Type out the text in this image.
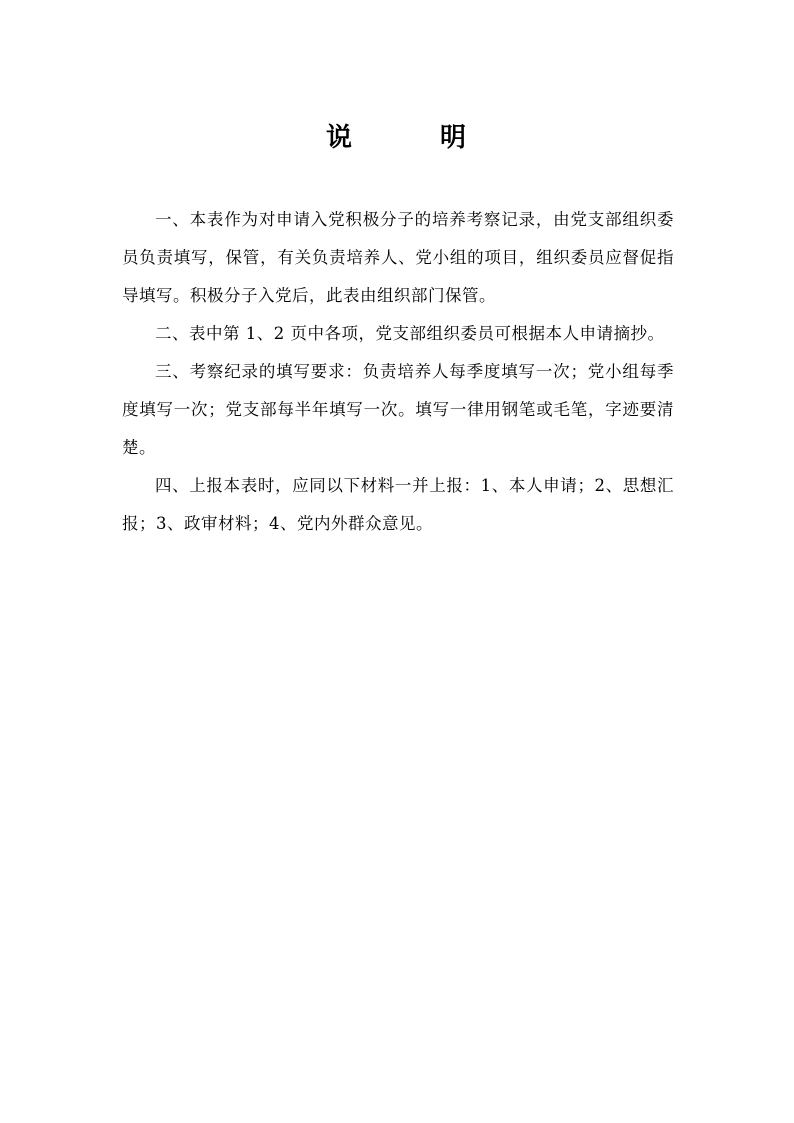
说	明

一、本表作为对申请入党积极分子的培养考察记录，由党支部组织委员负责填写，保管，有关负责培养人、党小组的项目，组织委员应督促指导填写。积极分子入党后，此表由组织部门保管。

二、表中第 1、2 页中各项，党支部组织委员可根据本人申请摘抄。

三、考察纪录的填写要求：负责培养人每季度填写一次；党小组每季度填写一次；党支部每半年填写一次。填写一律用钢笔或毛笔，字迹要清楚。

四、上报本表时，应同以下材料一并上报：1、本人申请；2、思想汇报；3、政审材料；4、党内外群众意见。
